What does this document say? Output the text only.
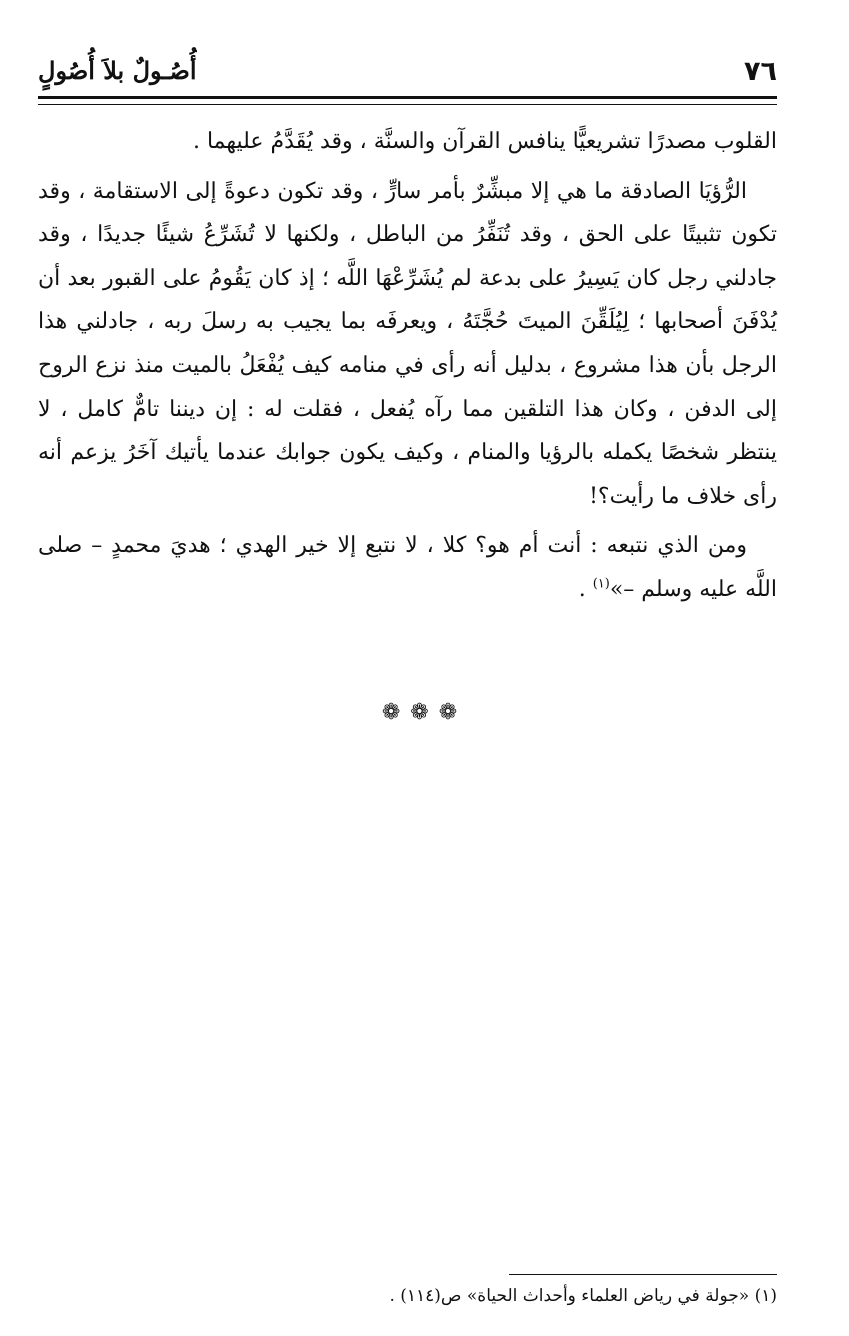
٧٦
أُصُـولٌ بلاَ أُصُولٍ

القلوب مصدرًا تشريعيًّا ينافس القرآن والسنَّة ، وقد يُقَدَّمُ عليهما .

الرُّؤيَا الصادقة ما هي إلا مبشِّرٌ بأمر سارٍّ ، وقد تكون دعوةً إلى الاستقامة ، وقد تكون تثبيتًا على الحق ، وقد تُنَفِّرُ من الباطل ، ولكنها لا تُشَرِّعُ شيئًا جديدًا ، وقد جادلني رجل كان يَسِيرُ على بدعة لم يُشَرِّعْهَا اللَّه ؛ إذ كان يَقُومُ على القبور بعد أن يُدْفَنَ أصحابها ؛ لِيُلَقِّنَ الميتَ حُجَّتَهُ ، ويعرفَه بما يجيب به رسلَ ربه ، جادلني هذا الرجل بأن هذا مشروع ، بدليل أنه رأى في منامه كيف يُفْعَلُ بالميت منذ نزع الروح إلى الدفن ، وكان هذا التلقين مما رآه يُفعل ، فقلت له : إن ديننا تامٌّ كامل ، لا ينتظر شخصًا يكمله بالرؤيا والمنام ، وكيف يكون جوابك عندما يأتيك آخَرُ يزعم أنه رأى خلاف ما رأيت؟!

ومن الذي نتبعه : أنت أم هو؟ كلا ، لا نتبع إلا خير الهدي ؛ هديَ محمدٍ – صلى اللَّه عليه وسلم –»$^{(١)}$ .

❁❁❁
(١) «جولة في رياض العلماء وأحداث الحياة» ص(١١٤) .
